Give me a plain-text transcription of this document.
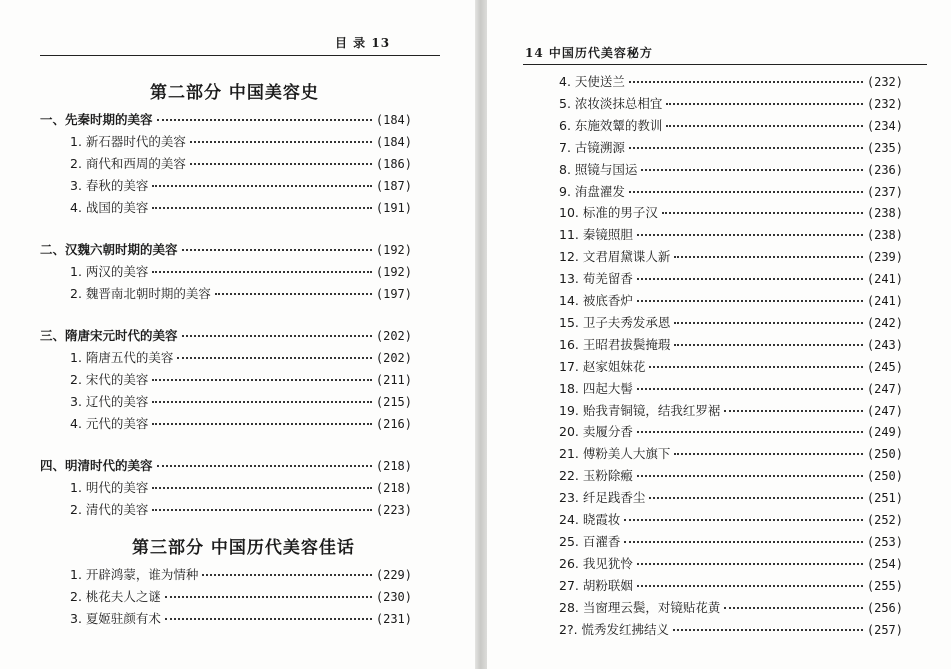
目 录 13
第二部分 中国美容史
一、先秦时期的美容	(184)
1. 新石器时代的美容	(184)
2. 商代和西周的美容	(186)
3. 春秋的美容	(187)
4. 战国的美容	(191)
二、汉魏六朝时期的美容	(192)
1. 两汉的美容	(192)
2. 魏晋南北朝时期的美容	(197)
三、隋唐宋元时代的美容	(202)
1. 隋唐五代的美容	(202)
2. 宋代的美容	(211)
3. 辽代的美容	(215)
4. 元代的美容	(216)
四、明清时代的美容	(218)
1. 明代的美容	(218)
2. 清代的美容	(223)
第三部分 中国历代美容佳话
1. 开辟鸿蒙，谁为情种	(229)
2. 桃花夫人之谜	(230)
3. 夏姬驻颜有术	(231)
14 中国历代美容秘方
4. 天使送兰	(232)
5. 浓妆淡抹总相宜	(232)
6. 东施效颦的教训	(234)
7. 古镜溯源	(235)
8. 照镜与国运	(236)
9. 洧盘濯发	(237)
10. 标准的男子汉	(238)
11. 秦镜照胆	(238)
12. 文君眉黛谍人新	(239)
13. 荀羌留香	(241)
14. 被底香炉	(241)
15. 卫子夫秀发承恩	(242)
16. 王昭君拔鬓掩瑕	(243)
17. 赵家姐妹花	(245)
18. 四起大髻	(247)
19. 贻我青铜镜，结我红罗裾	(247)
20. 卖履分香	(249)
21. 傅粉美人大旗下	(250)
22. 玉粉除瘢	(250)
23. 纤足践香尘	(251)
24. 晓霞妆	(252)
25. 百濯香	(253)
26. 我见犹怜	(254)
27. 胡粉联姻	(255)
28. 当窗理云鬓，对镜贴花黄	(256)
2?. 慌秀发红拂结义	(257)
